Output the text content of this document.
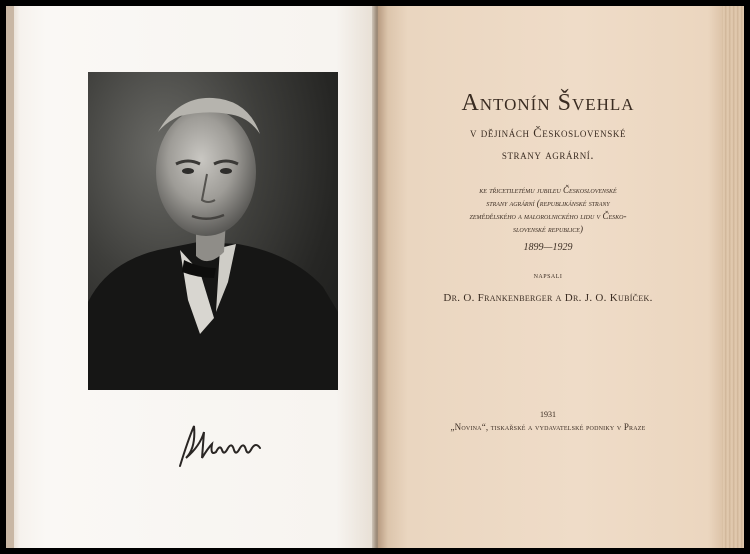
Antonín Švehla
v dějinách Československé
strany agrární.
ke třicetiletému jubileu Československé
strany agrární (republikánské strany
zemědělského a malorolnického lidu v Česko-
slovenské republice)
1899—1929
napsali
Dr. O. Frankenberger a Dr. J. O. Kubíček.
1931
„Novina“, tiskařské a vydavatelské podniky v Praze
